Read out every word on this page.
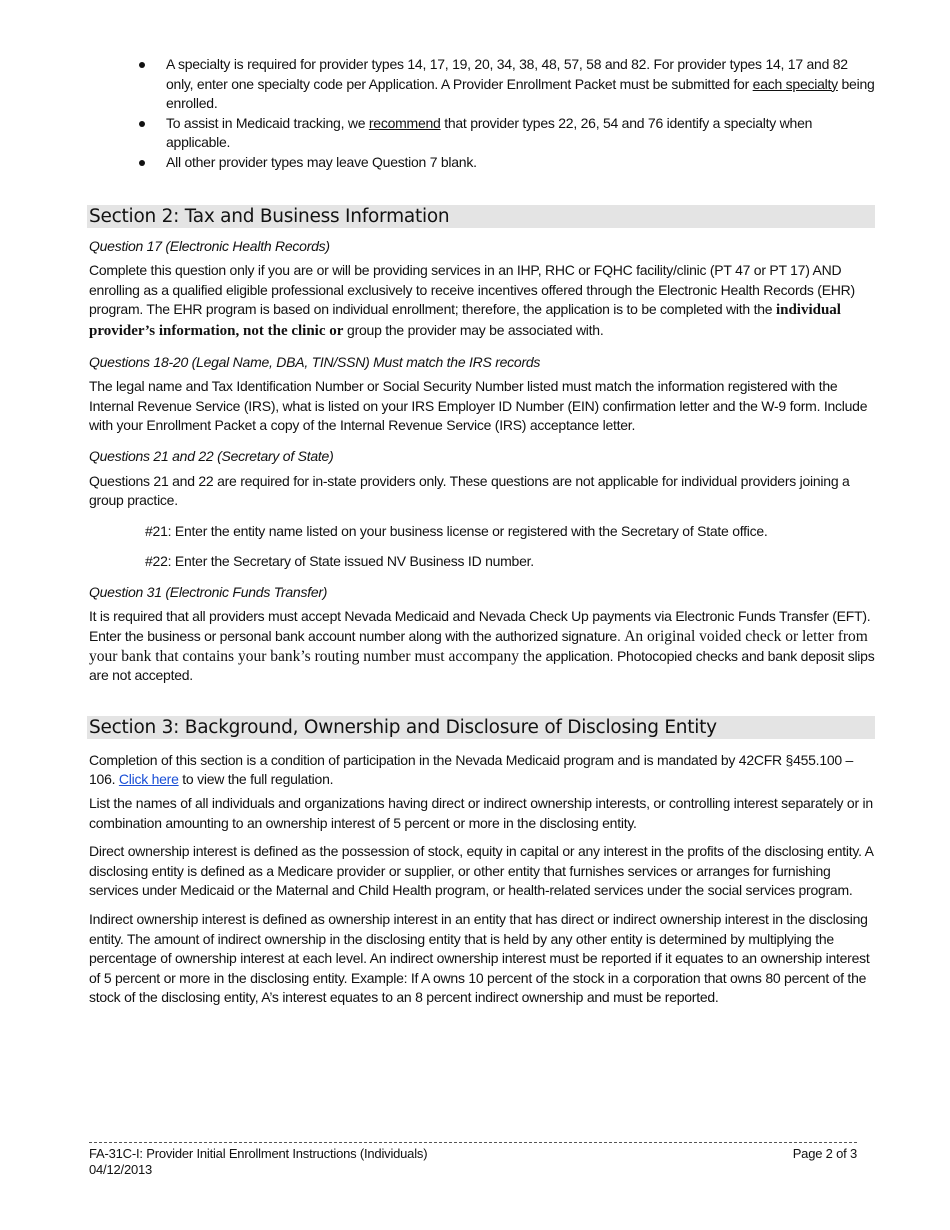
A specialty is required for provider types 14, 17, 19, 20, 34, 38, 48, 57, 58 and 82. For provider types 14, 17 and 82 only, enter one specialty code per Application. A Provider Enrollment Packet must be submitted for each specialty being enrolled.
To assist in Medicaid tracking, we recommend that provider types 22, 26, 54 and 76 identify a specialty when applicable.
All other provider types may leave Question 7 blank.
Section 2: Tax and Business Information

Question 17 (Electronic Health Records)

Complete this question only if you are or will be providing services in an IHP, RHC or FQHC facility/clinic (PT 47 or PT 17) AND enrolling as a qualified eligible professional exclusively to receive incentives offered through the Electronic Health Records (EHR) program. The EHR program is based on individual enrollment; therefore, the application is to be completed with the individual provider’s information, not the clinic or group the provider may be associated with.

Questions 18-20 (Legal Name, DBA, TIN/SSN) Must match the IRS records

The legal name and Tax Identification Number or Social Security Number listed must match the information registered with the Internal Revenue Service (IRS), what is listed on your IRS Employer ID Number (EIN) confirmation letter and the W-9 form. Include with your Enrollment Packet a copy of the Internal Revenue Service (IRS) acceptance letter.

Questions 21 and 22 (Secretary of State)

Questions 21 and 22 are required for in-state providers only. These questions are not applicable for individual providers joining a group practice.

#21: Enter the entity name listed on your business license or registered with the Secretary of State office.

#22: Enter the Secretary of State issued NV Business ID number.

Question 31 (Electronic Funds Transfer)

It is required that all providers must accept Nevada Medicaid and Nevada Check Up payments via Electronic Funds Transfer (EFT). Enter the business or personal bank account number along with the authorized signature. An original voided check or letter from your bank that contains your bank’s routing number must accompany the application. Photocopied checks and bank deposit slips are not accepted.

Section 3: Background, Ownership and Disclosure of Disclosing Entity

Completion of this section is a condition of participation in the Nevada Medicaid program and is mandated by 42CFR §455.100 – 106. Click here to view the full regulation.

List the names of all individuals and organizations having direct or indirect ownership interests, or controlling interest separately or in combination amounting to an ownership interest of 5 percent or more in the disclosing entity.

Direct ownership interest is defined as the possession of stock, equity in capital or any interest in the profits of the disclosing entity. A disclosing entity is defined as a Medicare provider or supplier, or other entity that furnishes services or arranges for furnishing services under Medicaid or the Maternal and Child Health program, or health-related services under the social services program.

Indirect ownership interest is defined as ownership interest in an entity that has direct or indirect ownership interest in the disclosing entity. The amount of indirect ownership in the disclosing entity that is held by any other entity is determined by multiplying the percentage of ownership interest at each level. An indirect ownership interest must be reported if it equates to an ownership interest of 5 percent or more in the disclosing entity. Example: If A owns 10 percent of the stock in a corporation that owns 80 percent of the stock of the disclosing entity, A’s interest equates to an 8 percent indirect ownership and must be reported.

FA-31C-I: Provider Initial Enrollment Instructions (Individuals)	Page 2 of 3
04/12/2013
